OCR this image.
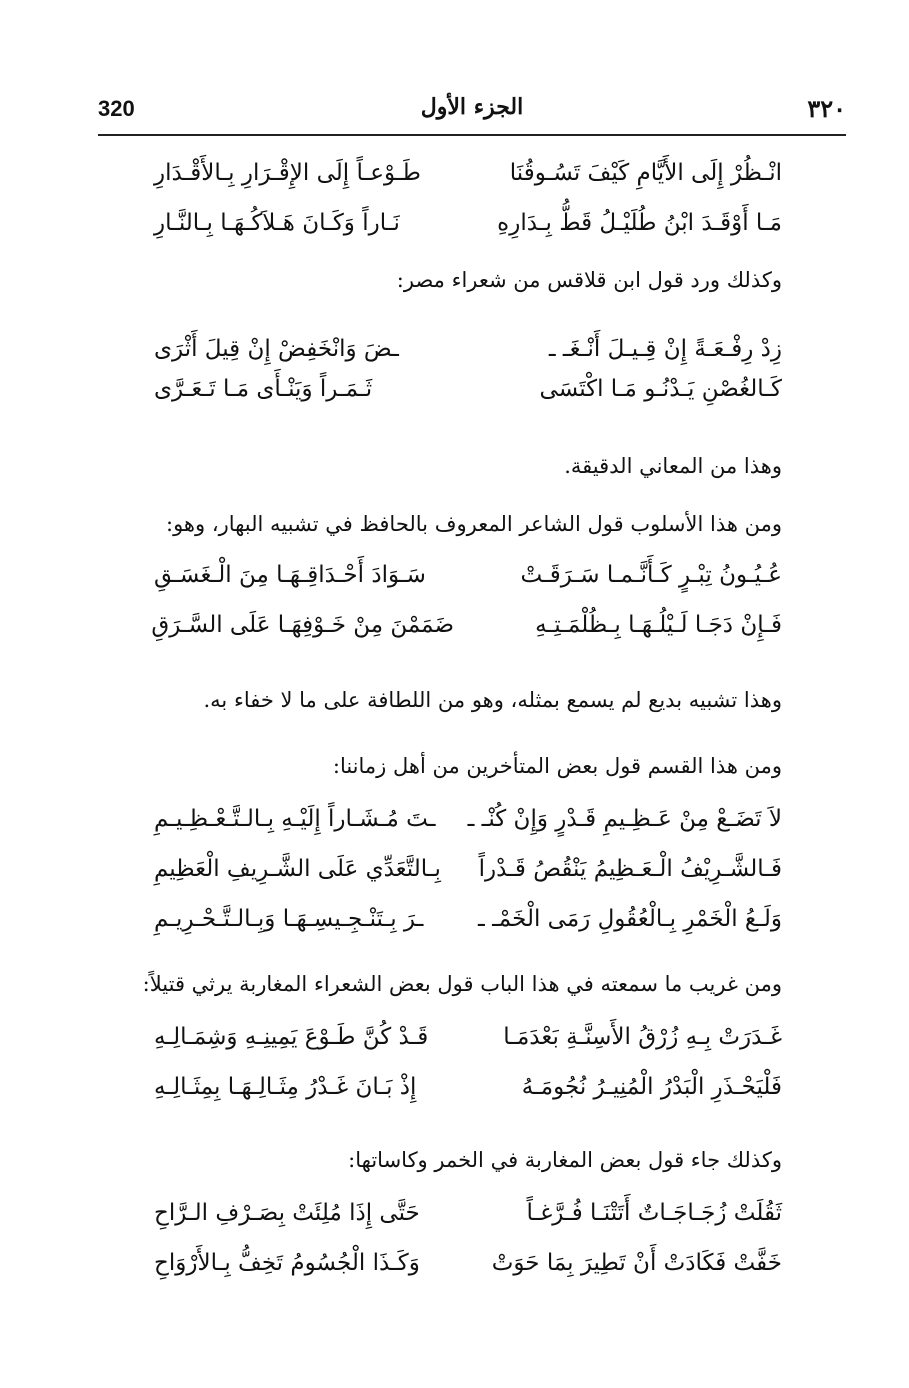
320	الجزء الأول	٣٢٠
انْـظُرْ إِلَى الأَيَّامِ كَيْفَ تَسُـوقُنَا
طَـوْعـاً إِلَى الإِقْـرَارِ بِـالأَقْـدَارِ
مَـا أَوْقَـدَ ابْنُ طُلَيْـلُ قَطُّ بِـدَارِهِ
نَـاراً وَكَـانَ هَـلاَكُـهَـا بِـالنَّـارِ
وكذلك ورد قول ابن قلاقس من شعراء مصر:
زِدْ رِفْـعَـةً إِنْ قِـيـلَ أَنْـغَـ ـ
ـضَ وَانْخَفِضْ إِنْ قِيلَ أَثْرَى
كَـالغُصْنِ يَـدْنُـو مَـا اكْتَسَى
ثَـمَـراً وَيَنْـأَى مَـا تَـعَـرَّى
وهذا من المعاني الدقيقة.
ومن هذا الأسلوب قول الشاعر المعروف بالحافظ في تشبيه البهار، وهو:
عُـيُـونُ تِبْـرٍ كَـأَنَّـمـا سَـرَقَـتْ
سَـوَادَ أَحْـدَاقِـهَـا مِنَ الْـغَسَـقِ
فَـإِنْ دَجَـا لَـيْلُـهَـا بِـظُلْمَـتِـهِ
ضَمَمْنَ مِنْ خَـوْفِهَـا عَلَى السَّـرَقِ
وهذا تشبيه بديع لم يسمع بمثله، وهو من اللطافة على ما لا خفاء به.
ومن هذا القسم قول بعض المتأخرين من أهل زماننا:
لاَ تَضَـعْ مِنْ عَـظِـيمِ قَـدْرٍ وَإِنْ كُنْـ ـ
ـتَ مُـشَـاراً إِلَيْـهِ بِـالـتَّـعْـظِـيـمِ
فَـالشَّـرِيْفُ الْـعَـظِيمُ يَنْقُصُ قَـدْراً
بِـالتَّعَدِّي عَلَى الشَّـرِيفِ الْعَظِيمِ
وَلَـعُ الْخَمْرِ بِـالْعُقُولِ رَمَى الْخَمْـ ـ
ـرَ بِـتَنْـجِـيسِـهَـا وَبِـالـتَّـحْـرِيـمِ
ومن غريب ما سمعته في هذا الباب قول بعض الشعراء المغاربة يرثي قتيلاً:
غَـدَرَتْ بِـهِ زُرْقُ الأَسِنَّـةِ بَعْدَمَـا
قَـدْ كُنَّ طَـوْعَ يَمِينِـهِ وَشِمَـالِـهِ
فَلْيَحْـذَرِ الْبَدْرُ الْمُنِيـرُ نُجُومَـهُ
إِذْ بَـانَ غَـدْرُ مِثَـالِـهَـا بِمِثَـالِـهِ
وكذلك جاء قول بعض المغاربة في الخمر وكاساتها:
ثَقُلَتْ زُجَـاجَـاتٌ أَتَتْنَـا فُـرَّغـاً
حَتَّى إِذَا مُلِئَتْ بِصَـرْفِ الـرَّاحِ
خَفَّتْ فَكَادَتْ أَنْ تَطِيرَ بِمَا حَوَتْ
وَكَـذَا الْجُسُومُ تَخِفُّ بِـالأَرْوَاحِ
